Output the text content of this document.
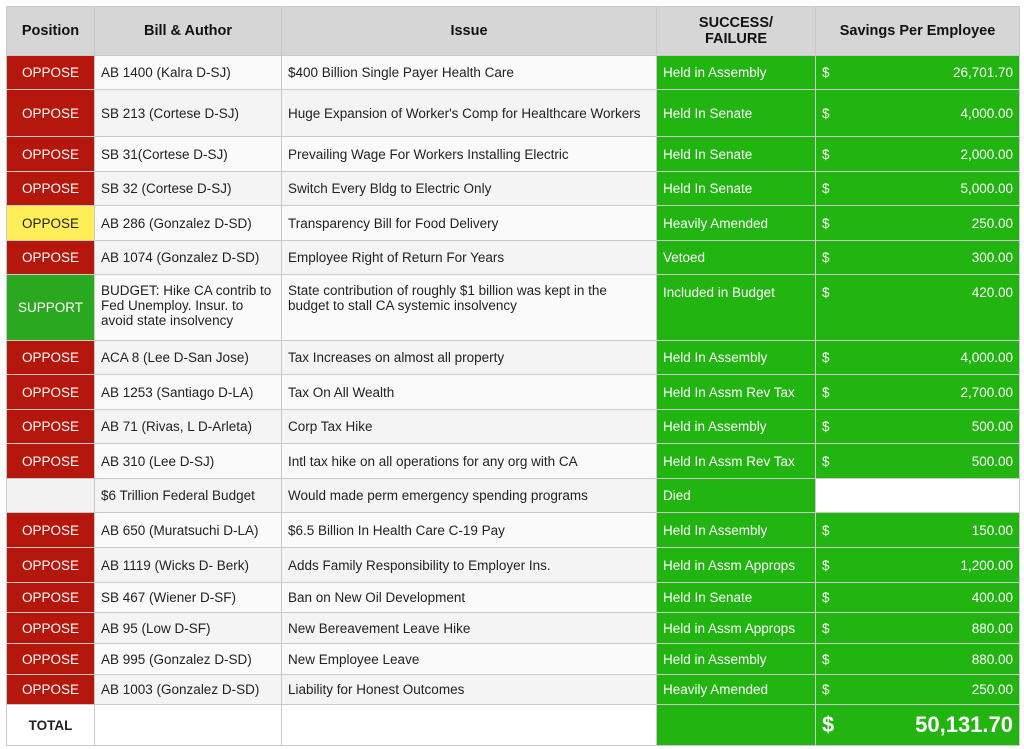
Position	Bill & Author	Issue	SUCCESS/
FAILURE	Savings Per Employee
OPPOSE	AB 1400 (Kalra D-SJ)	$400 Billion Single Payer Health Care	Held in Assembly	$ 26,701.70

OPPOSE	SB 213 (Cortese D-SJ)	Huge Expansion of Worker's Comp for Healthcare Workers	Held In Senate	$ 4,000.00

OPPOSE	SB 31(Cortese D-SJ)	Prevailing Wage For Workers Installing Electric	Held In Senate	$ 2,000.00

OPPOSE	SB 32 (Cortese D-SJ)	Switch Every Bldg to Electric Only	Held In Senate	$ 5,000.00

OPPOSE	AB 286 (Gonzalez D-SD)	Transparency Bill for Food Delivery	Heavily Amended	$ 250.00

OPPOSE	AB 1074 (Gonzalez D-SD)	Employee Right of Return For Years	Vetoed	$ 300.00

SUPPORT	BUDGET: Hike CA contrib to Fed Unemploy. Insur. to avoid state insolvency	State contribution of roughly $1 billion was kept in the budget to stall CA systemic insolvency	Included in Budget	$ 420.00

OPPOSE	ACA 8 (Lee D-San Jose)	Tax Increases on almost all property	Held In Assembly	$ 4,000.00

OPPOSE	AB 1253 (Santiago D-LA)	Tax On All Wealth	Held In Assm Rev Tax	$ 2,700.00

OPPOSE	AB 71 (Rivas, L D-Arleta)	Corp Tax Hike	Held in Assembly	$ 500.00

OPPOSE	AB 310 (Lee D-SJ)	Intl tax hike on all operations for any org with CA	Held In Assm Rev Tax	$ 500.00

	$6 Trillion Federal Budget	Would made perm emergency spending programs	Died	

OPPOSE	AB 650 (Muratsuchi D-LA)	$6.5 Billion In Health Care C-19 Pay	Held In Assembly	$ 150.00

OPPOSE	AB 1119 (Wicks D- Berk)	Adds Family Responsibility to Employer Ins.	Held in Assm Approps	$ 1,200.00

OPPOSE	SB 467 (Wiener D-SF)	Ban on New Oil Development	Held In Senate	$ 400.00

OPPOSE	AB 95 (Low D-SF)	New Bereavement Leave Hike	Held in Assm Approps	$ 880.00

OPPOSE	AB 995 (Gonzalez D-SD)	New Employee Leave	Held in Assembly	$ 880.00

OPPOSE	AB 1003 (Gonzalez D-SD)	Liability for Honest Outcomes	Heavily Amended	$ 250.00

TOTAL				$ 50,131.70
